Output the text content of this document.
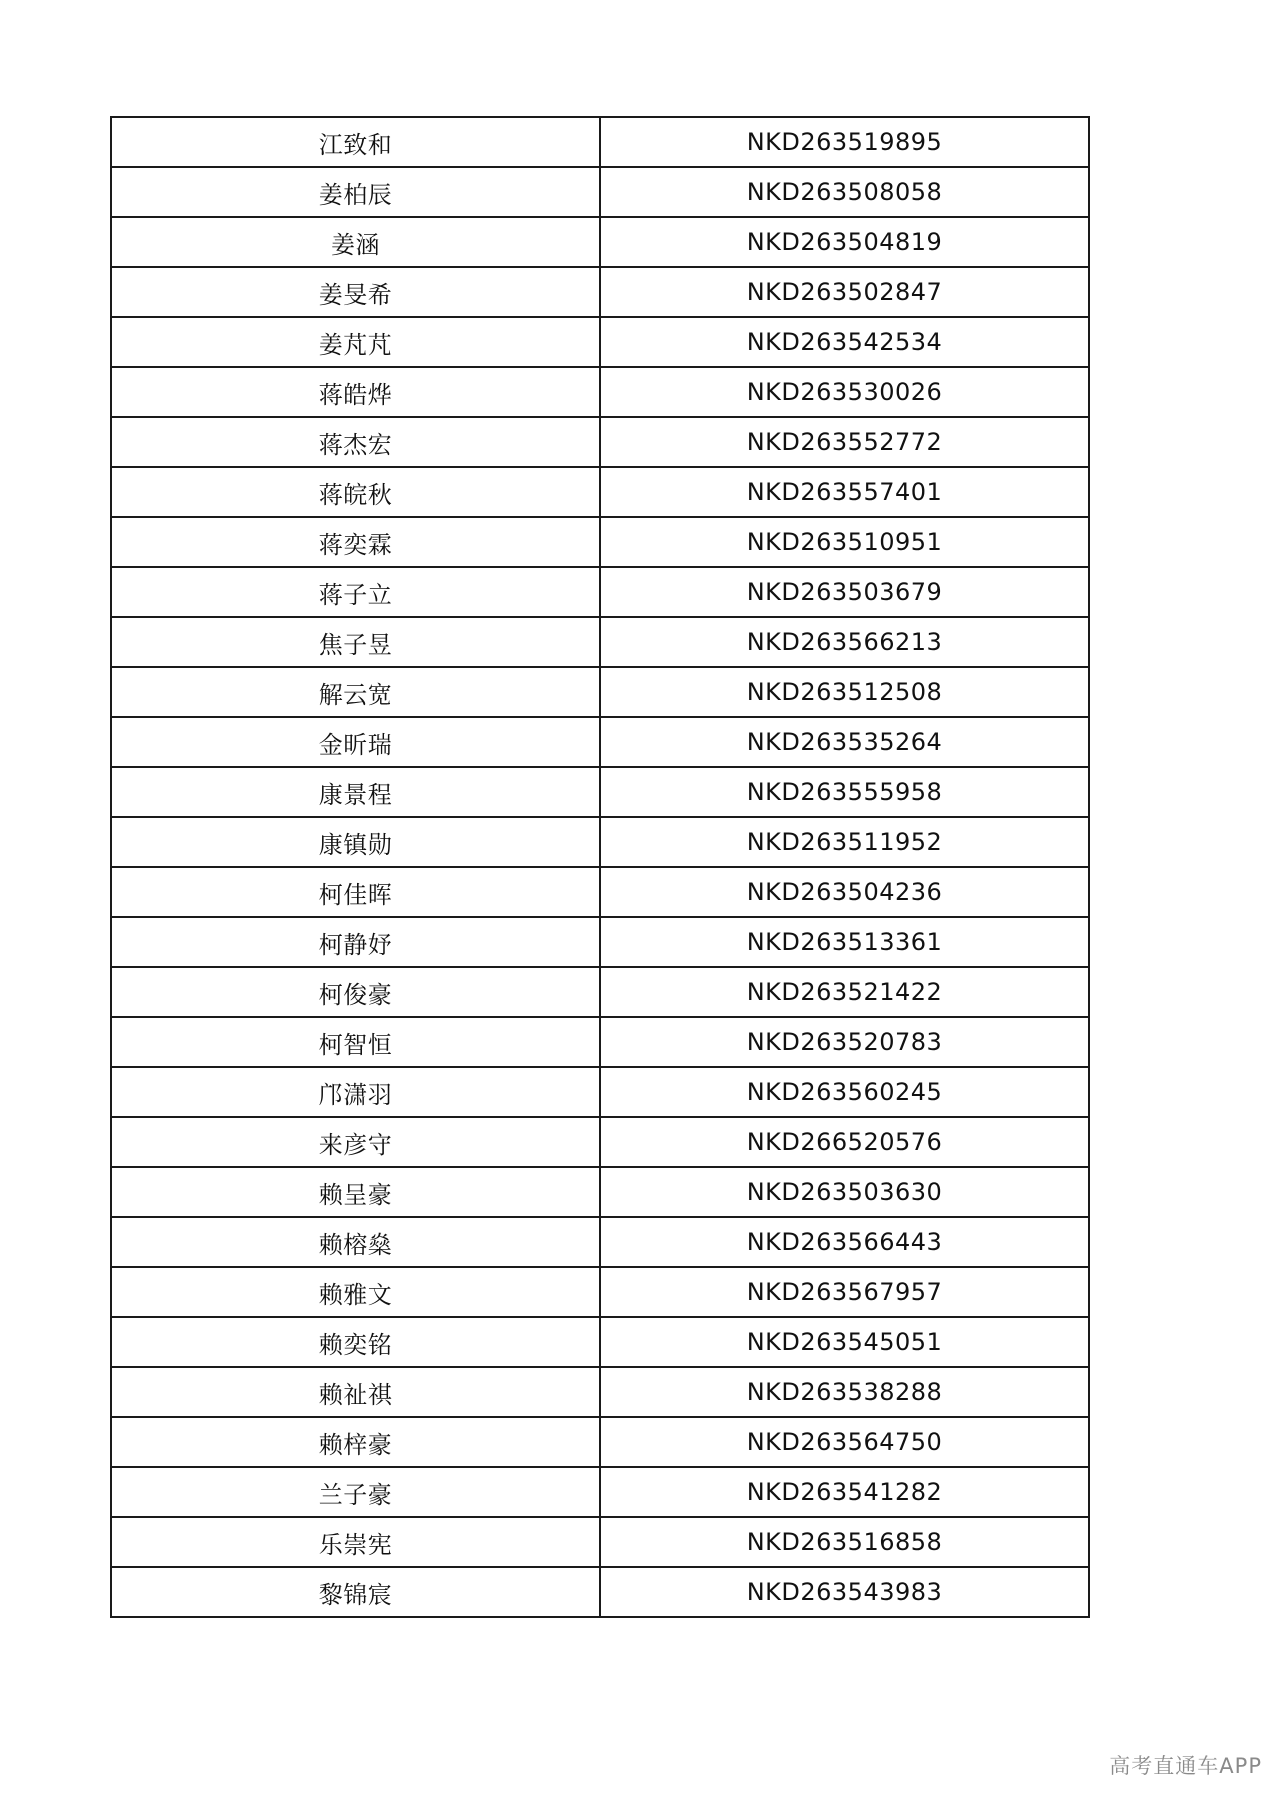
江致和	NKD263519895
姜柏辰	NKD263508058
姜涵	NKD263504819
姜旻希	NKD263502847
姜芃芃	NKD263542534
蒋皓烨	NKD263530026
蒋杰宏	NKD263552772
蒋皖秋	NKD263557401
蒋奕霖	NKD263510951
蒋子立	NKD263503679
焦子昱	NKD263566213
解云宽	NKD263512508
金昕瑞	NKD263535264
康景程	NKD263555958
康镇勋	NKD263511952
柯佳晖	NKD263504236
柯静妤	NKD263513361
柯俊豪	NKD263521422
柯智恒	NKD263520783
邝潇羽	NKD263560245
来彦守	NKD266520576
赖呈豪	NKD263503630
赖榕燊	NKD263566443
赖雅文	NKD263567957
赖奕铭	NKD263545051
赖祉祺	NKD263538288
赖梓豪	NKD263564750
兰子豪	NKD263541282
乐崇宪	NKD263516858
黎锦宸	NKD263543983
高考直通车APP
